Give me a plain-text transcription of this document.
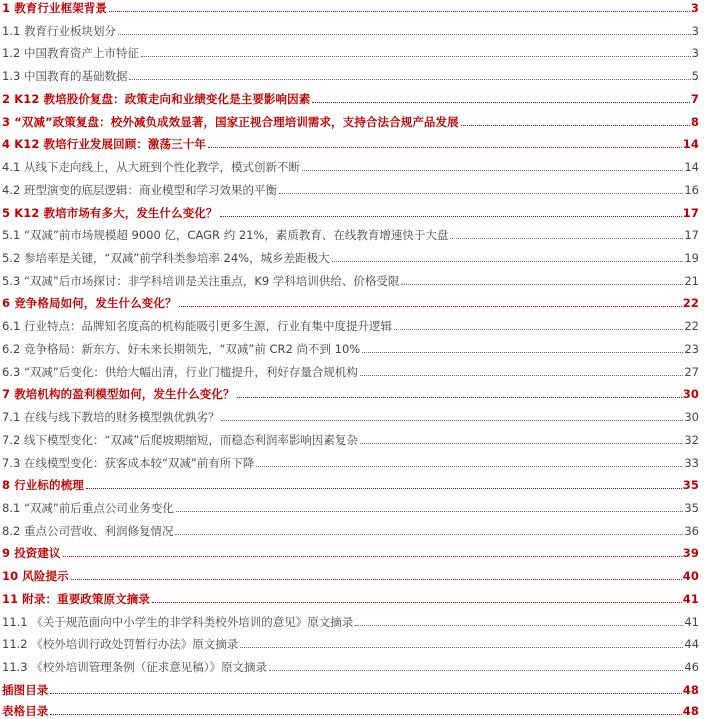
1 教育行业框架背景	3
1.1 教育行业板块划分	3
1.2 中国教育资产上市特征	3
1.3 中国教育的基础数据	5
2 K12 教培股价复盘：政策走向和业绩变化是主要影响因素	7
3 “双减”政策复盘：校外减负成效显著，国家正视合理培训需求，支持合法合规产品发展	8
4 K12 教培行业发展回顾：激荡三十年	14
4.1 从线下走向线上，从大班到个性化教学，模式创新不断	14
4.2 班型演变的底层逻辑：商业模型和学习效果的平衡	16
5 K12 教培市场有多大，发生什么变化？	17
5.1 “双减”前市场规模超 9000 亿，CAGR 约 21%，素质教育、在线教育增速快于大盘	17
5.2 参培率是关键，“双减”前学科类参培率 24%，城乡差距极大	19
5.3 “双减”后市场探讨：非学科培训是关注重点，K9 学科培训供给、价格受限	21
6 竞争格局如何，发生什么变化？	22
6.1 行业特点：品牌知名度高的机构能吸引更多生源，行业有集中度提升逻辑	22
6.2 竞争格局：新东方、好未来长期领先，“双减”前 CR2 尚不到 10%	23
6.3 “双减”后变化：供给大幅出清，行业门槛提升，利好存量合规机构	27
7 教培机构的盈利模型如何，发生什么变化？	30
7.1 在线与线下教培的财务模型孰优孰劣？	30
7.2 线下模型变化：“双减”后爬坡期缩短，而稳态利润率影响因素复杂	32
7.3 在线模型变化：获客成本较“双减”前有所下降	33
8 行业标的梳理	35
8.1 “双减”前后重点公司业务变化	35
8.2 重点公司营收、利润修复情况	36
9 投资建议	39
10 风险提示	40
11 附录：重要政策原文摘录	41
11.1 《关于规范面向中小学生的非学科类校外培训的意见》原文摘录	41
11.2 《校外培训行政处罚暂行办法》原文摘录	44
11.3 《校外培训管理条例（征求意见稿）》原文摘录	46
插图目录	48
表格目录	48
